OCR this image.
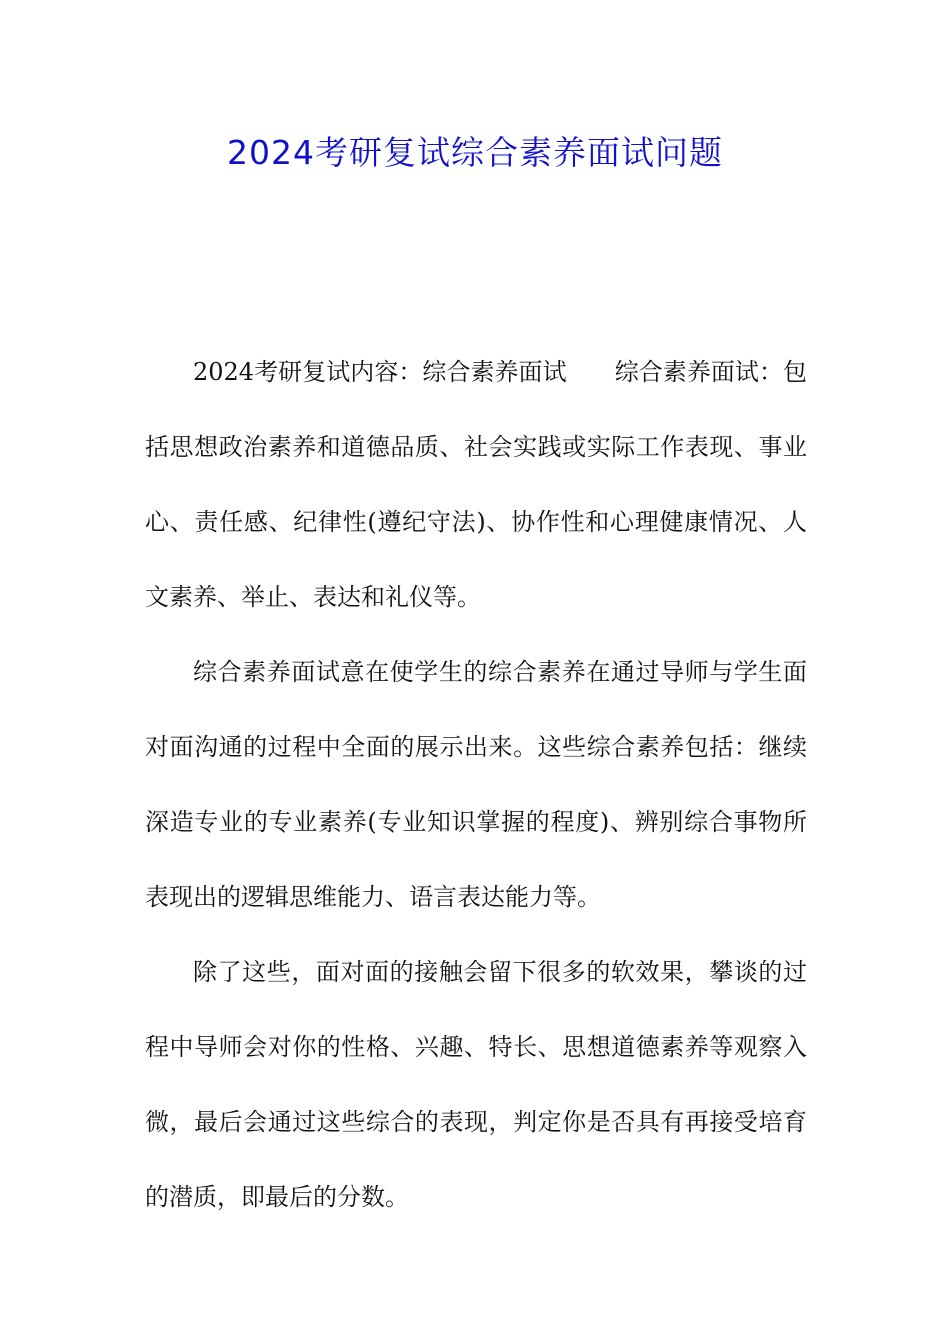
2024考研复试综合素养面试问题

2024考研复试内容：综合素养面试　　综合素养面试：包括思想政治素养和道德品质、社会实践或实际工作表现、事业心、责任感、纪律性(遵纪守法)、协作性和心理健康情况、人文素养、举止、表达和礼仪等。

综合素养面试意在使学生的综合素养在通过导师与学生面对面沟通的过程中全面的展示出来。这些综合素养包括：继续深造专业的专业素养(专业知识掌握的程度)、辨别综合事物所表现出的逻辑思维能力、语言表达能力等。

除了这些，面对面的接触会留下很多的软效果，攀谈的过程中导师会对你的性格、兴趣、特长、思想道德素养等观察入微，最后会通过这些综合的表现，判定你是否具有再接受培育的潜质，即最后的分数。
